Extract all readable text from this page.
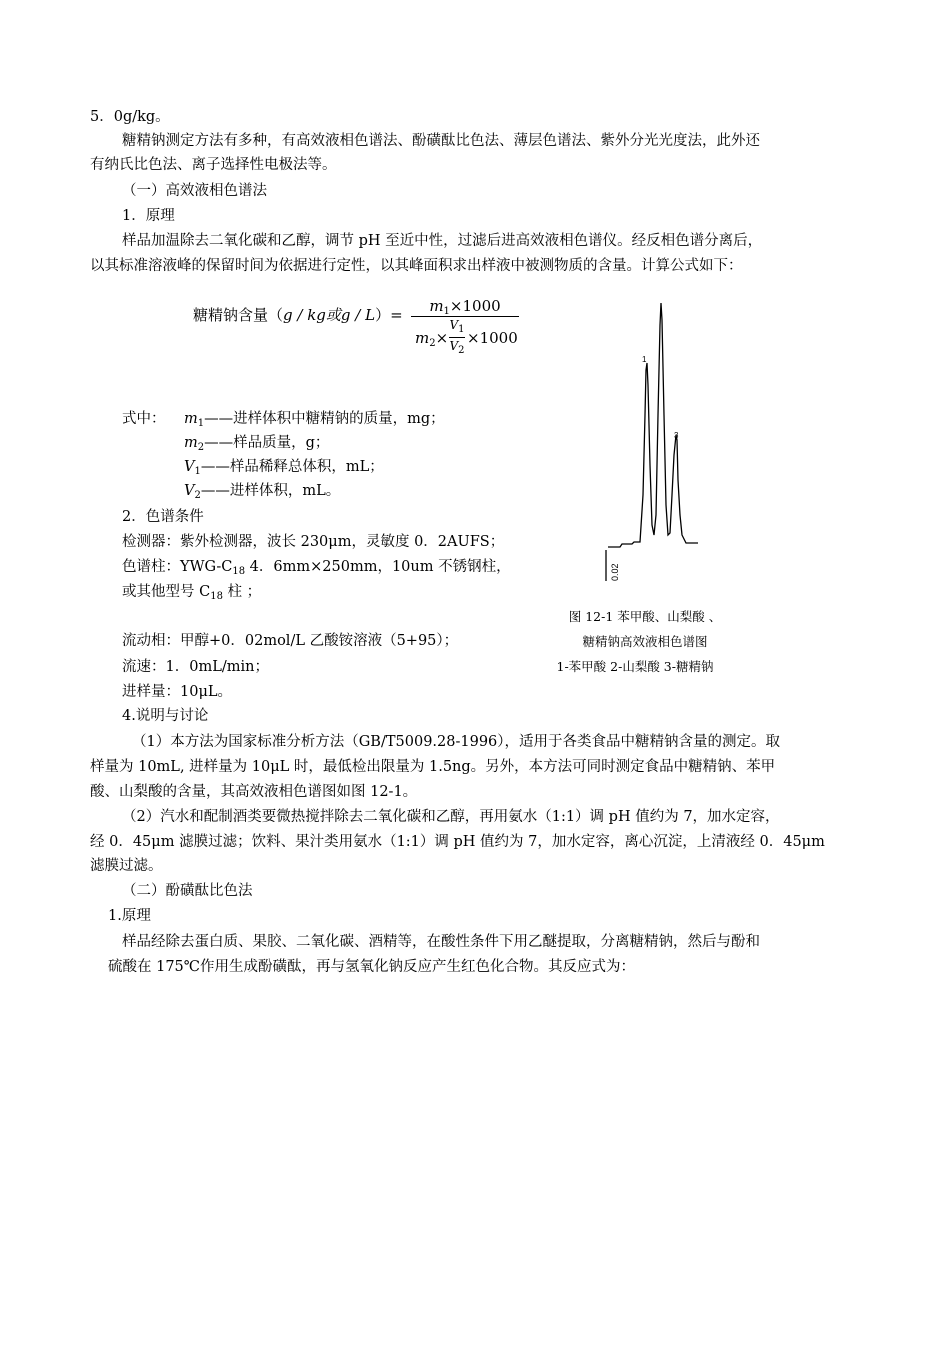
5．0g/kg。
糖精钠测定方法有多种，有高效液相色谱法、酚磺酞比色法、薄层色谱法、紫外分光光度法，此外还
有纳氏比色法、离子选择性电极法等。
（一）高效液相色谱法
1．原理
样品加温除去二氧化碳和乙醇，调节 pH 至近中性，过滤后进高效液相色谱仪。经反相色谱分离后，
以其标准溶液峰的保留时间为依据进行定性，以其峰面积求出样液中被测物质的含量。计算公式如下：
糖精钠含量（g / kg或g / L）=	$m_1\times 1000$
$m_2\times$
$V_1$
$V_2$
×1000
式中： $m_1——$进样体积中糖精钠的质量，mg；
$m_2——$样品质量，g；
$V_1——$样品稀释总体积，mL；
$V_2——$进样体积，mL。
2．色谱条件
检测器：紫外检测器，波长 230μm，灵敏度 0．2AUFS；
色谱柱：YWG-$C_{18}$ 4．6mm×250mm，10um 不锈钢柱，
或其他型号 $C_{18}$ 柱 ；
流动相：甲醇+0．02mol/L 乙酸铵溶液（5+95）；
流速：1．0mL/min；
进样量：10μL。
4.说明与讨论
（1）本方法为国家标准分析方法（GB/T5009.28-1996），适用于各类食品中糖精钠含量的测定。取
样量为 10mL, 进样量为 10μL 时，最低检出限量为 1.5ng。另外，本方法可同时测定食品中糖精钠、苯甲
酸、山梨酸的含量，其高效液相色谱图如图 12-1。
（2）汽水和配制酒类要微热搅拌除去二氧化碳和乙醇，再用氨水（1:1）调 pH 值约为 7，加水定容，
经 0．45μm 滤膜过滤；饮料、果汁类用氨水（1:1）调 pH 值约为 7，加水定容，离心沉淀，上清液经 0．45μm
滤膜过滤。
（二）酚磺酞比色法
1.原理
样品经除去蛋白质、果胶、二氧化碳、酒精等，在酸性条件下用乙醚提取，分离糖精钠，然后与酚和
硫酸在 175℃作用生成酚磺酞，再与氢氧化钠反应产生红色化合物。其反应式为：
1
3
0.02
图 12-1 苯甲酸、山梨酸 、
糖精钠高效液相色谱图
1-苯甲酸 2-山梨酸 3-糖精钠
